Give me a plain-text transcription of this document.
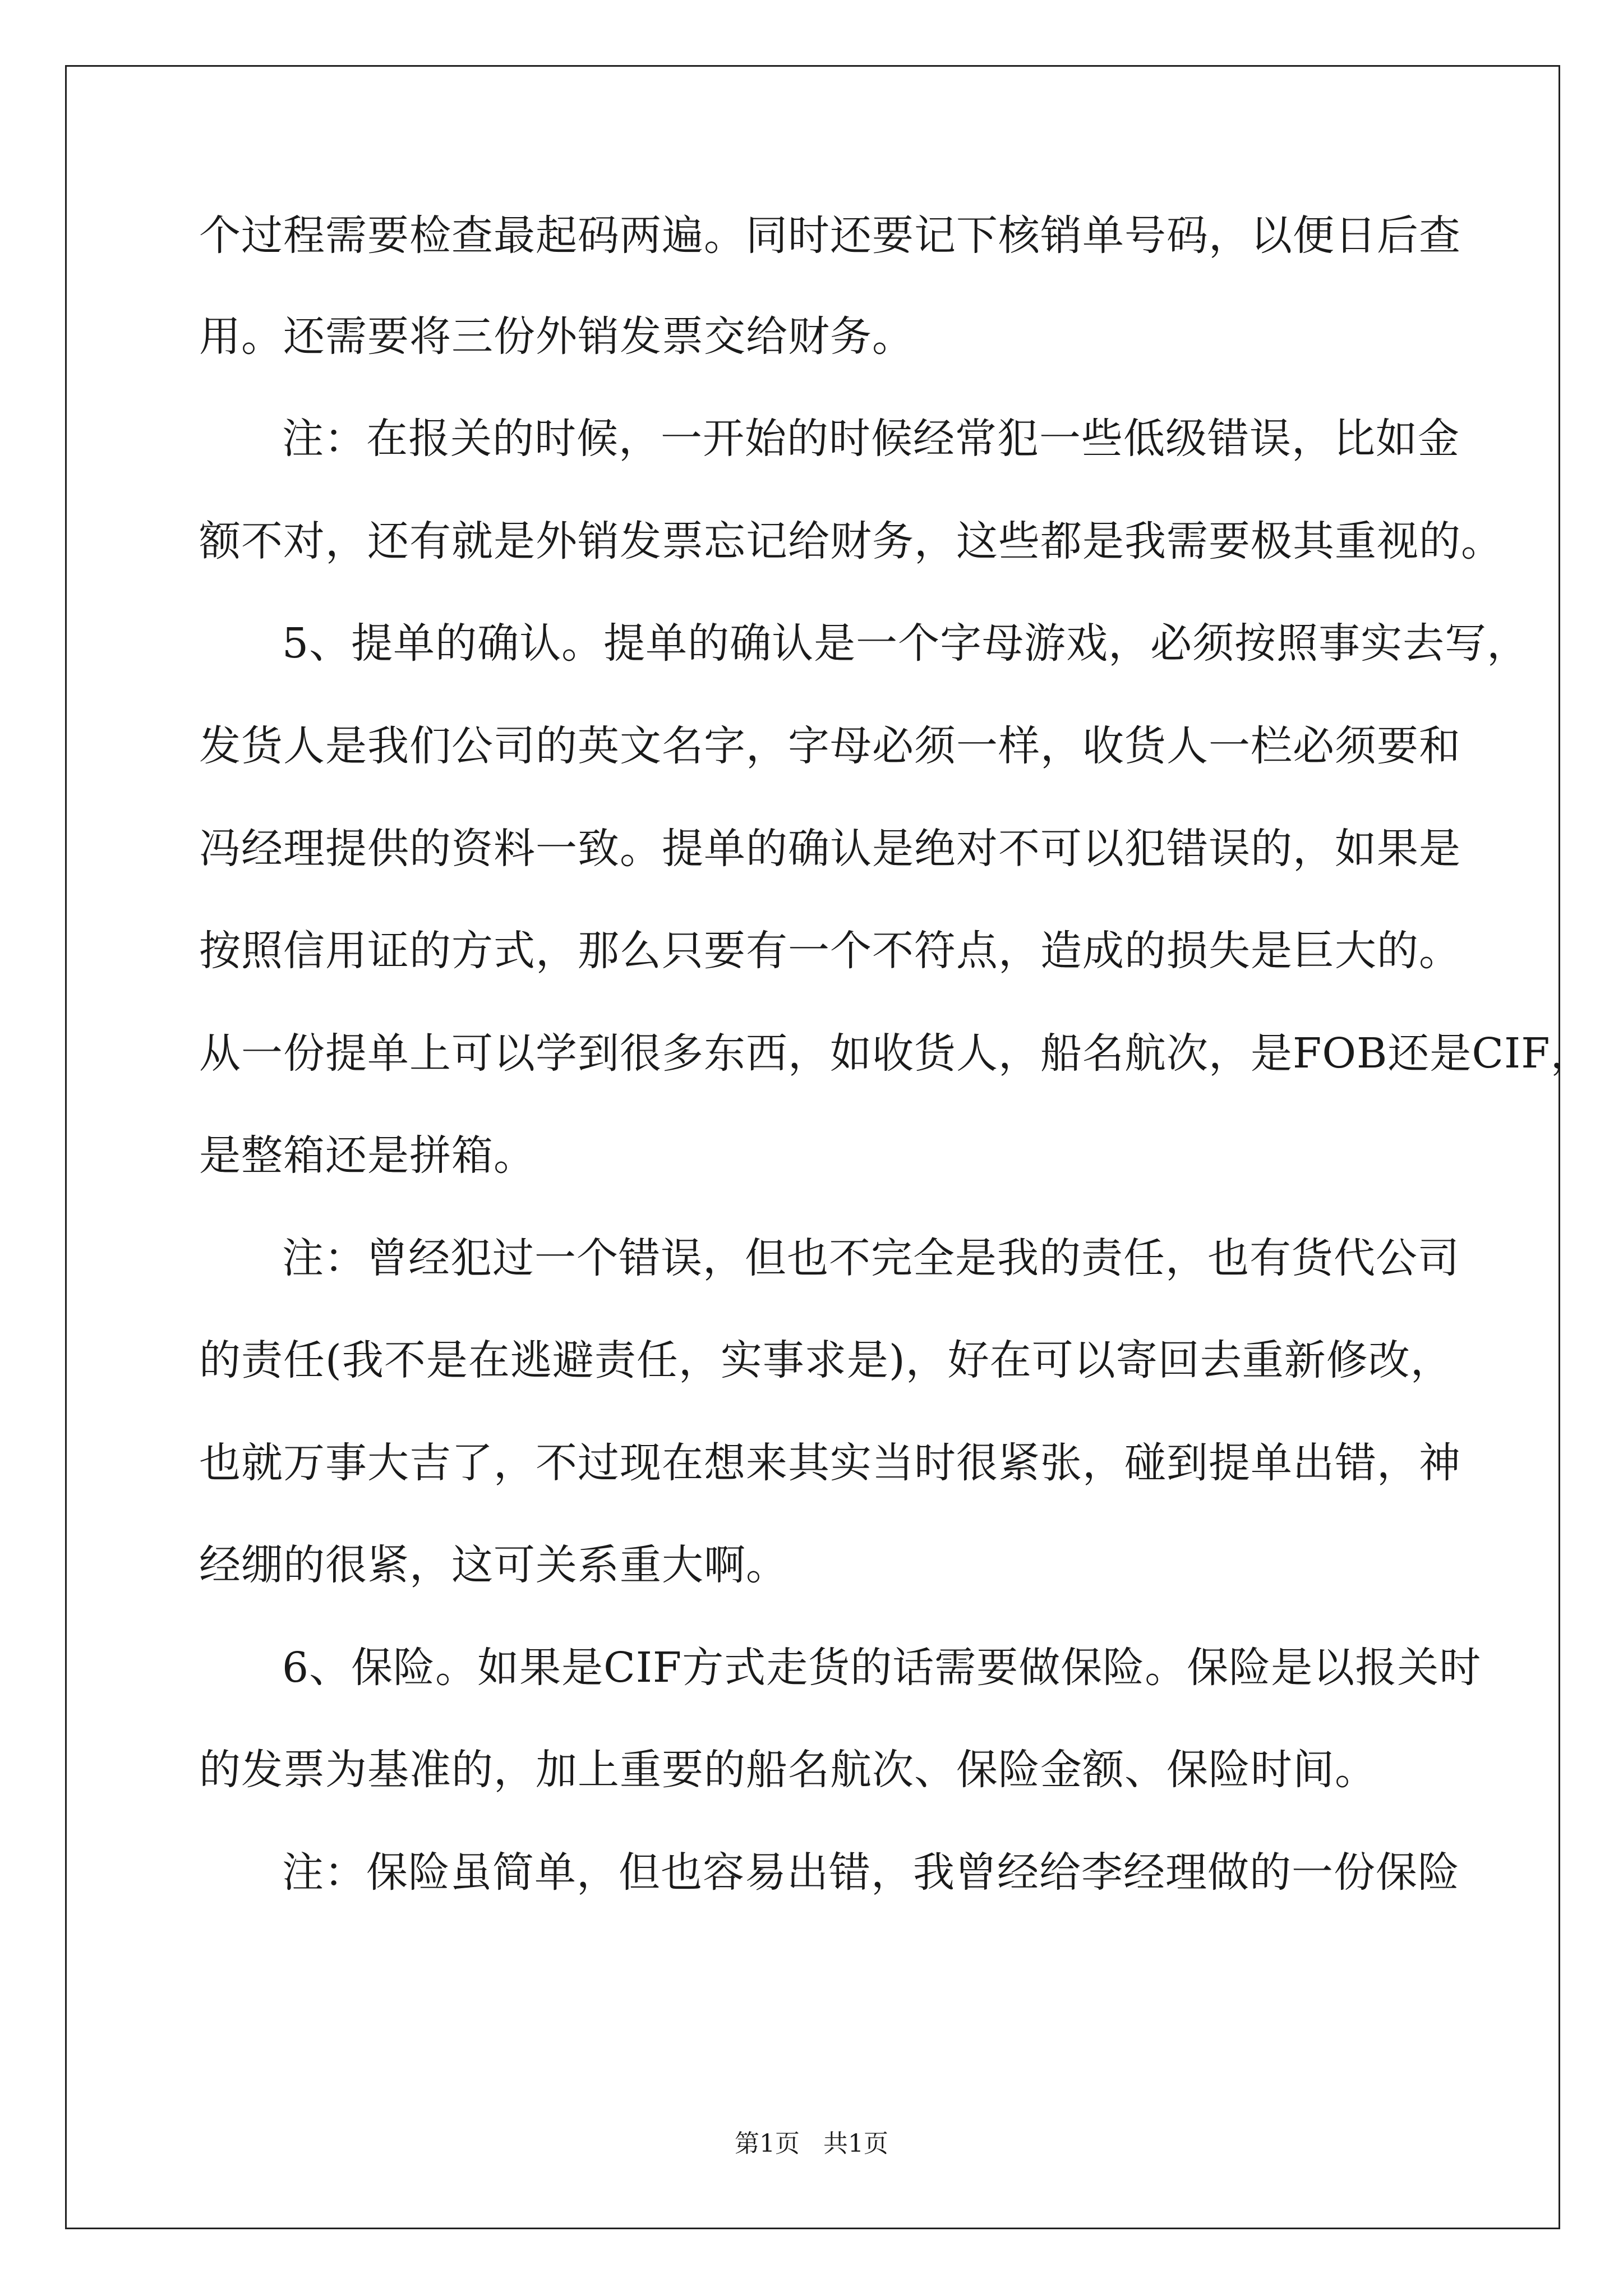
个过程需要检查最起码两遍。同时还要记下核销单号码，以便日后查
用。还需要将三份外销发票交给财务。
注：在报关的时候，一开始的时候经常犯一些低级错误，比如金
额不对，还有就是外销发票忘记给财务，这些都是我需要极其重视的。
5、提单的确认。提单的确认是一个字母游戏，必须按照事实去写，
发货人是我们公司的英文名字，字母必须一样，收货人一栏必须要和
冯经理提供的资料一致。提单的确认是绝对不可以犯错误的，如果是
按照信用证的方式，那么只要有一个不符点，造成的损失是巨大的。
从一份提单上可以学到很多东西，如收货人，船名航次，是FOB还是CIF，
是整箱还是拼箱。
注：曾经犯过一个错误，但也不完全是我的责任，也有货代公司
的责任(我不是在逃避责任，实事求是)，好在可以寄回去重新修改，
也就万事大吉了，不过现在想来其实当时很紧张，碰到提单出错，神
经绷的很紧，这可关系重大啊。
6、保险。如果是CIF方式走货的话需要做保险。保险是以报关时
的发票为基准的，加上重要的船名航次、保险金额、保险时间。
注：保险虽简单，但也容易出错，我曾经给李经理做的一份保险
第1页   共1页
